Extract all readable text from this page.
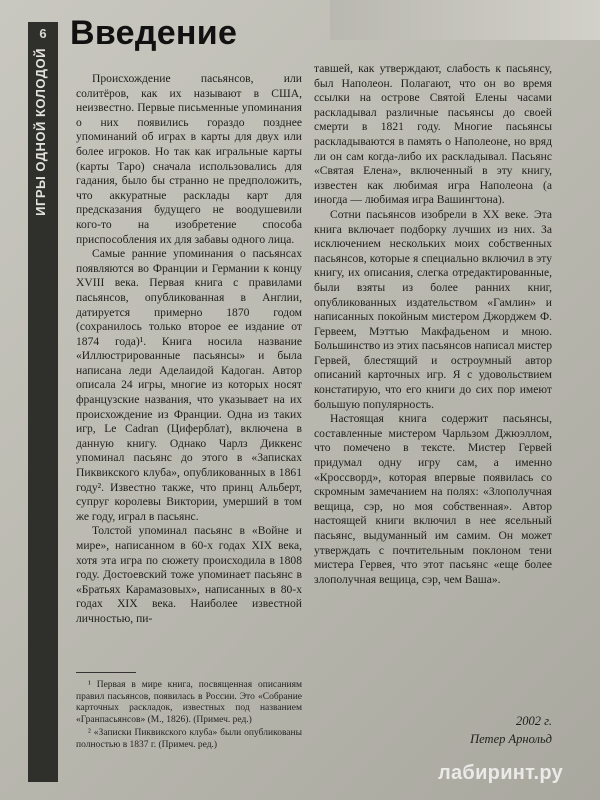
6
ИГРЫ ОДНОЙ КОЛОДОЙ
Введение

Происхождение пасьянсов, или солитёров, как их называют в США, неизвестно. Первые письменные упоминания о них появились гораздо позднее упоминаний об играх в карты для двух или более игроков. Но так как игральные карты (карты Таро) сначала использовались для гадания, было бы странно не предположить, что аккуратные расклады карт для предсказания будущего не воодушевили кого-то на изобретение способа приспособления их для забавы одного лица.

Самые ранние упоминания о пасьянсах появляются во Франции и Германии к концу XVIII века. Первая книга с правилами пасьянсов, опубликованная в Англии, датируется примерно 1870 годом (сохранилось только второе ее издание от 1874 года)¹. Книга носила название «Иллюстрированные пасьянсы» и была написана леди Аделаидой Кадоган. Автор описала 24 игры, многие из которых носят французские названия, что указывает на их происхождение из Франции. Одна из таких игр, Le Cadran (Циферблат), включена в данную книгу. Однако Чарлз Диккенс упоминал пасьянс до этого в «Записках Пиквикского клуба», опубликованных в 1861 году². Известно также, что принц Альберт, супруг королевы Виктории, умерший в том же году, играл в пасьянс.

Толстой упоминал пасьянс в «Войне и мире», написанном в 60-х годах XIX века, хотя эта игра по сюжету происходила в 1808 году. Достоевский тоже упоминает пасьянс в «Братьях Карамазовых», написанных в 80-х годах XIX века. Наиболее известной личностью, пи-

тавшей, как утверждают, слабость к пасьянсу, был Наполеон. Полагают, что он во время ссылки на острове Святой Елены часами раскладывал различные пасьянсы до своей смерти в 1821 году. Многие пасьянсы раскладываются в память о Наполеоне, но вряд ли он сам когда-либо их раскладывал. Пасьянс «Святая Елена», включенный в эту книгу, известен как любимая игра Наполеона (а иногда — любимая игра Вашингтона).

Сотни пасьянсов изобрели в XX веке. Эта книга включает подборку лучших из них. За исключением нескольких моих собственных пасьянсов, которые я специально включил в эту книгу, их описания, слегка отредактированные, были взяты из более ранних книг, опубликованных издательством «Гамлин» и написанных покойным мистером Джорджем Ф. Гервеем, Мэттью Макфадьеном и мною. Большинство из этих пасьянсов написал мистер Гервей, блестящий и остроумный автор описаний карточных игр. Я с удовольствием констатирую, что его книги до сих пор имеют большую популярность.

Настоящая книга содержит пасьянсы, составленные мистером Чарльзом Джюэллом, что помечено в тексте. Мистер Гервей придумал одну игру сам, а именно «Кроссворд», которая впервые появилась со скромным замечанием на полях: «Злополучная вещица, сэр, но моя собственная». Автор настоящей книги включил в нее ясельный пасьянс, выдуманный им самим. Он может утверждать с почтительным поклоном тени мистера Гервея, что этот пасьянс «еще более злополучная вещица, сэр, чем Ваша».

¹ Первая в мире книга, посвященная описаниям правил пасьянсов, появилась в России. Это «Собрание карточных раскладок, известных под названием «Гранпасьянсов» (М., 1826). (Примеч. ред.)

² «Записки Пиквикского клуба» были опубликованы полностью в 1837 г. (Примеч. ред.)

2002 г.
Петер Арнольд
лабиринт.ру
